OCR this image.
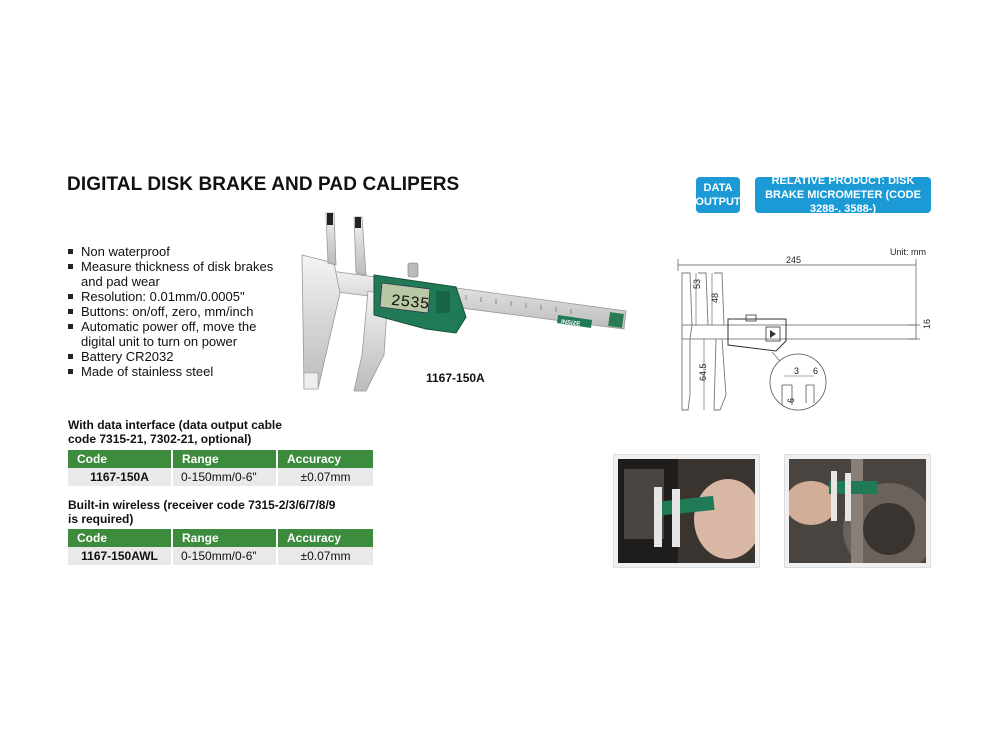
DIGITAL DISK BRAKE AND PAD CALIPERS	DATA OUTPUT
RELATIVE PRODUCT: DISK BRAKE MICROMETER (CODE 3288-, 3588-)
Non waterproof
Measure thickness of disk brakes and pad wear
Resolution: 0.01mm/0.0005"
Buttons: on/off, zero, mm/inch
Automatic power off, move the digital unit to turn on power
Battery CR2032
Made of stainless steel
2535
INSIZE
1167-150A
Unit: mm
245
16
53
48
64.5	3 6
6
With data interface (data output cable code 7315-21, 7302-21, optional)
Code	Range	Accuracy
1167-150A	0-150mm/0-6"	±0.07mm
Built-in wireless (receiver code 7315-2/3/6/7/8/9 is required)
Code	Range	Accuracy
1167-150AWL	0-150mm/0-6"	±0.07mm
